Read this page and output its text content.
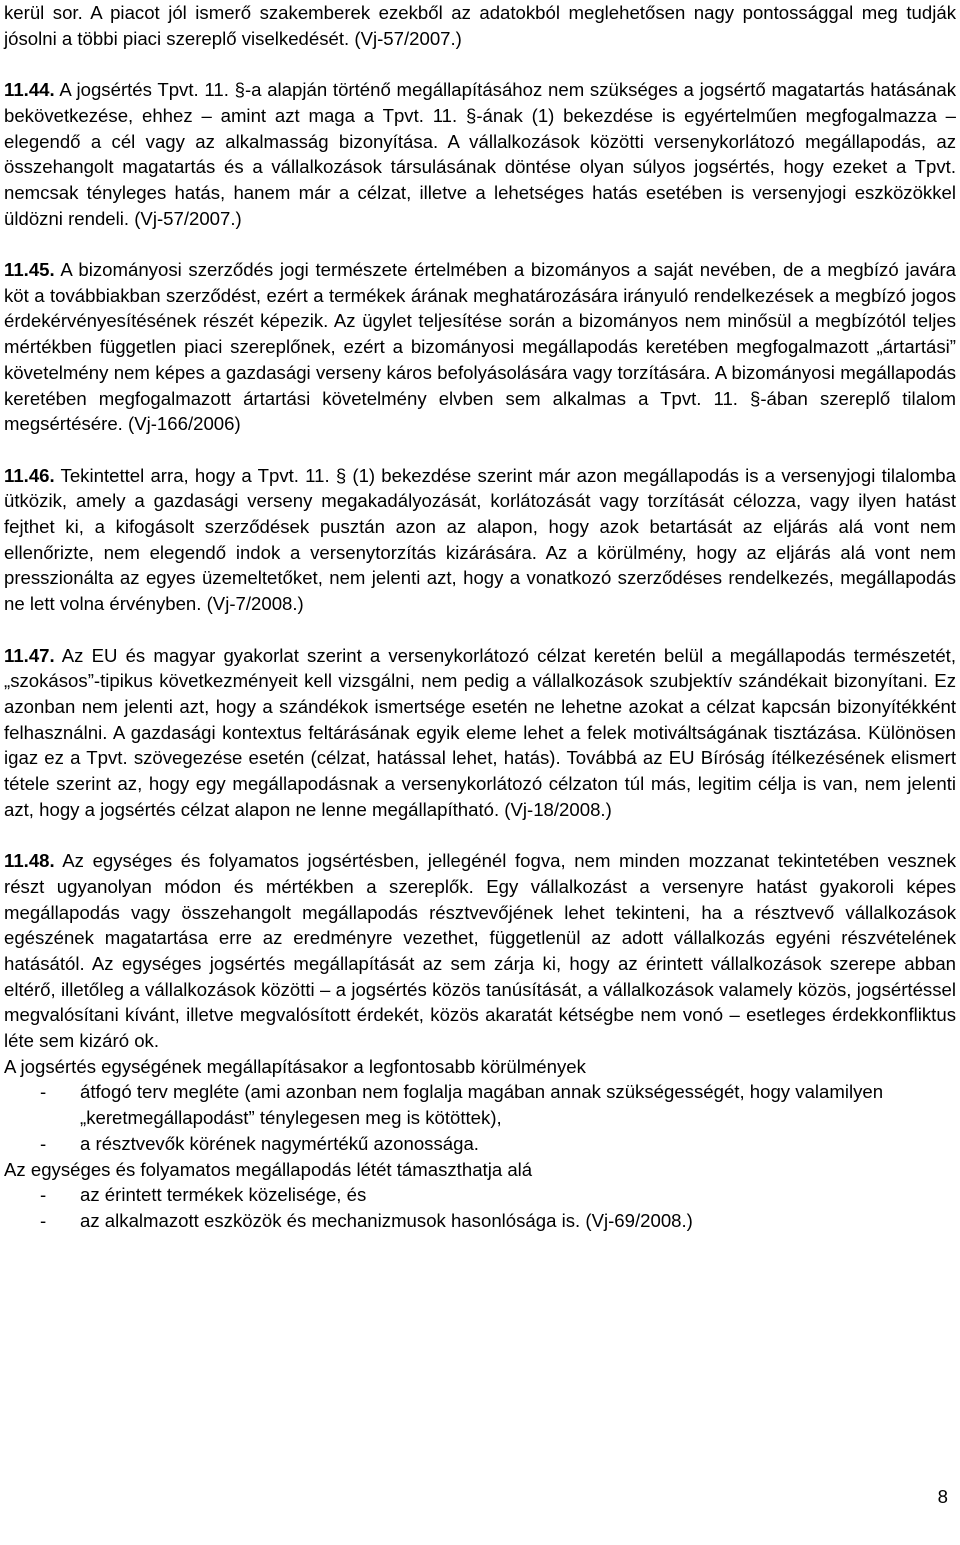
kerül sor. A piacot jól ismerő szakemberek ezekből az adatokból meglehetősen nagy pontossággal meg tudják jósolni a többi piaci szereplő viselkedését. (Vj-57/2007.)

11.44. A jogsértés Tpvt. 11. §-a alapján történő megállapításához nem szükséges a jogsértő magatartás hatásának bekövetkezése, ehhez – amint azt maga a Tpvt. 11. §-ának (1) bekezdése is egyértelműen megfogalmazza – elegendő a cél vagy az alkalmasság bizonyítása. A vállalkozások közötti versenykorlátozó megállapodás, az összehangolt magatartás és a vállalkozások társulásának döntése olyan súlyos jogsértés, hogy ezeket a Tpvt. nemcsak tényleges hatás, hanem már a célzat, illetve a lehetséges hatás esetében is versenyjogi eszközökkel üldözni rendeli. (Vj-57/2007.)

11.45. A bizományosi szerződés jogi természete értelmében a bizományos a saját nevében, de a megbízó javára köt a továbbiakban szerződést, ezért a termékek árának meghatározására irányuló rendelkezések a megbízó jogos érdekérvényesítésének részét képezik. Az ügylet teljesítése során a bizományos nem minősül a megbízótól teljes mértékben független piaci szereplőnek, ezért a bizományosi megállapodás keretében megfogalmazott „ártartási” követelmény nem képes a gazdasági verseny káros befolyásolására vagy torzítására. A bizományosi megállapodás keretében megfogalmazott ártartási követelmény elvben sem alkalmas a Tpvt. 11. §-ában szereplő tilalom megsértésére. (Vj-166/2006)

11.46. Tekintettel arra, hogy a Tpvt. 11. § (1) bekezdése szerint már azon megállapodás is a versenyjogi tilalomba ütközik, amely a gazdasági verseny megakadályozását, korlátozását vagy torzítását célozza, vagy ilyen hatást fejthet ki, a kifogásolt szerződések pusztán azon az alapon, hogy azok betartását az eljárás alá vont nem ellenőrizte, nem elegendő indok a versenytorzítás kizárására. Az a körülmény, hogy az eljárás alá vont nem presszionálta az egyes üzemeltetőket, nem jelenti azt, hogy a vonatkozó szerződéses rendelkezés, megállapodás ne lett volna érvényben. (Vj-7/2008.)

11.47. Az EU és magyar gyakorlat szerint a versenykorlátozó célzat keretén belül a megállapodás természetét, „szokásos”-tipikus következményeit kell vizsgálni, nem pedig a vállalkozások szubjektív szándékait bizonyítani. Ez azonban nem jelenti azt, hogy a szándékok ismertsége esetén ne lehetne azokat a célzat kapcsán bizonyítékként felhasználni. A gazdasági kontextus feltárásának egyik eleme lehet a felek motiváltságának tisztázása. Különösen igaz ez a Tpvt. szövegezése esetén (célzat, hatással lehet, hatás). Továbbá az EU Bíróság ítélkezésének elismert tétele szerint az, hogy egy megállapodásnak a versenykorlátozó célzaton túl más, legitim célja is van, nem jelenti azt, hogy a jogsértés célzat alapon ne lenne megállapítható. (Vj-18/2008.)

11.48. Az egységes és folyamatos jogsértésben, jellegénél fogva, nem minden mozzanat tekintetében vesznek részt ugyanolyan módon és mértékben a szereplők. Egy vállalkozást a versenyre hatást gyakoroli képes megállapodás vagy összehangolt megállapodás résztvevőjének lehet tekinteni, ha a résztvevő vállalkozások egészének magatartása erre az eredményre vezethet, függetlenül az adott vállalkozás egyéni részvételének hatásától. Az egységes jogsértés megállapítását az sem zárja ki, hogy az érintett vállalkozások szerepe abban eltérő, illetőleg a vállalkozások közötti – a jogsértés közös tanúsítását, a vállalkozások valamely közös, jogsértéssel megvalósítani kívánt, illetve megvalósított érdekét, közös akaratát kétségbe nem vonó – esetleges érdekkonfliktus léte sem kizáró ok.

A jogsértés egységének megállapításakor a legfontosabb körülmények

- átfogó terv megléte (ami azonban nem foglalja magában annak szükségességét, hogy valamilyen „keretmegállapodást” ténylegesen meg is kötöttek),
- a résztvevők körének nagymértékű azonossága.

Az egységes és folyamatos megállapodás létét támaszthatja alá

- az érintett termékek közelisége, és
- az alkalmazott eszközök és mechanizmusok hasonlósága is. (Vj-69/2008.)
8
